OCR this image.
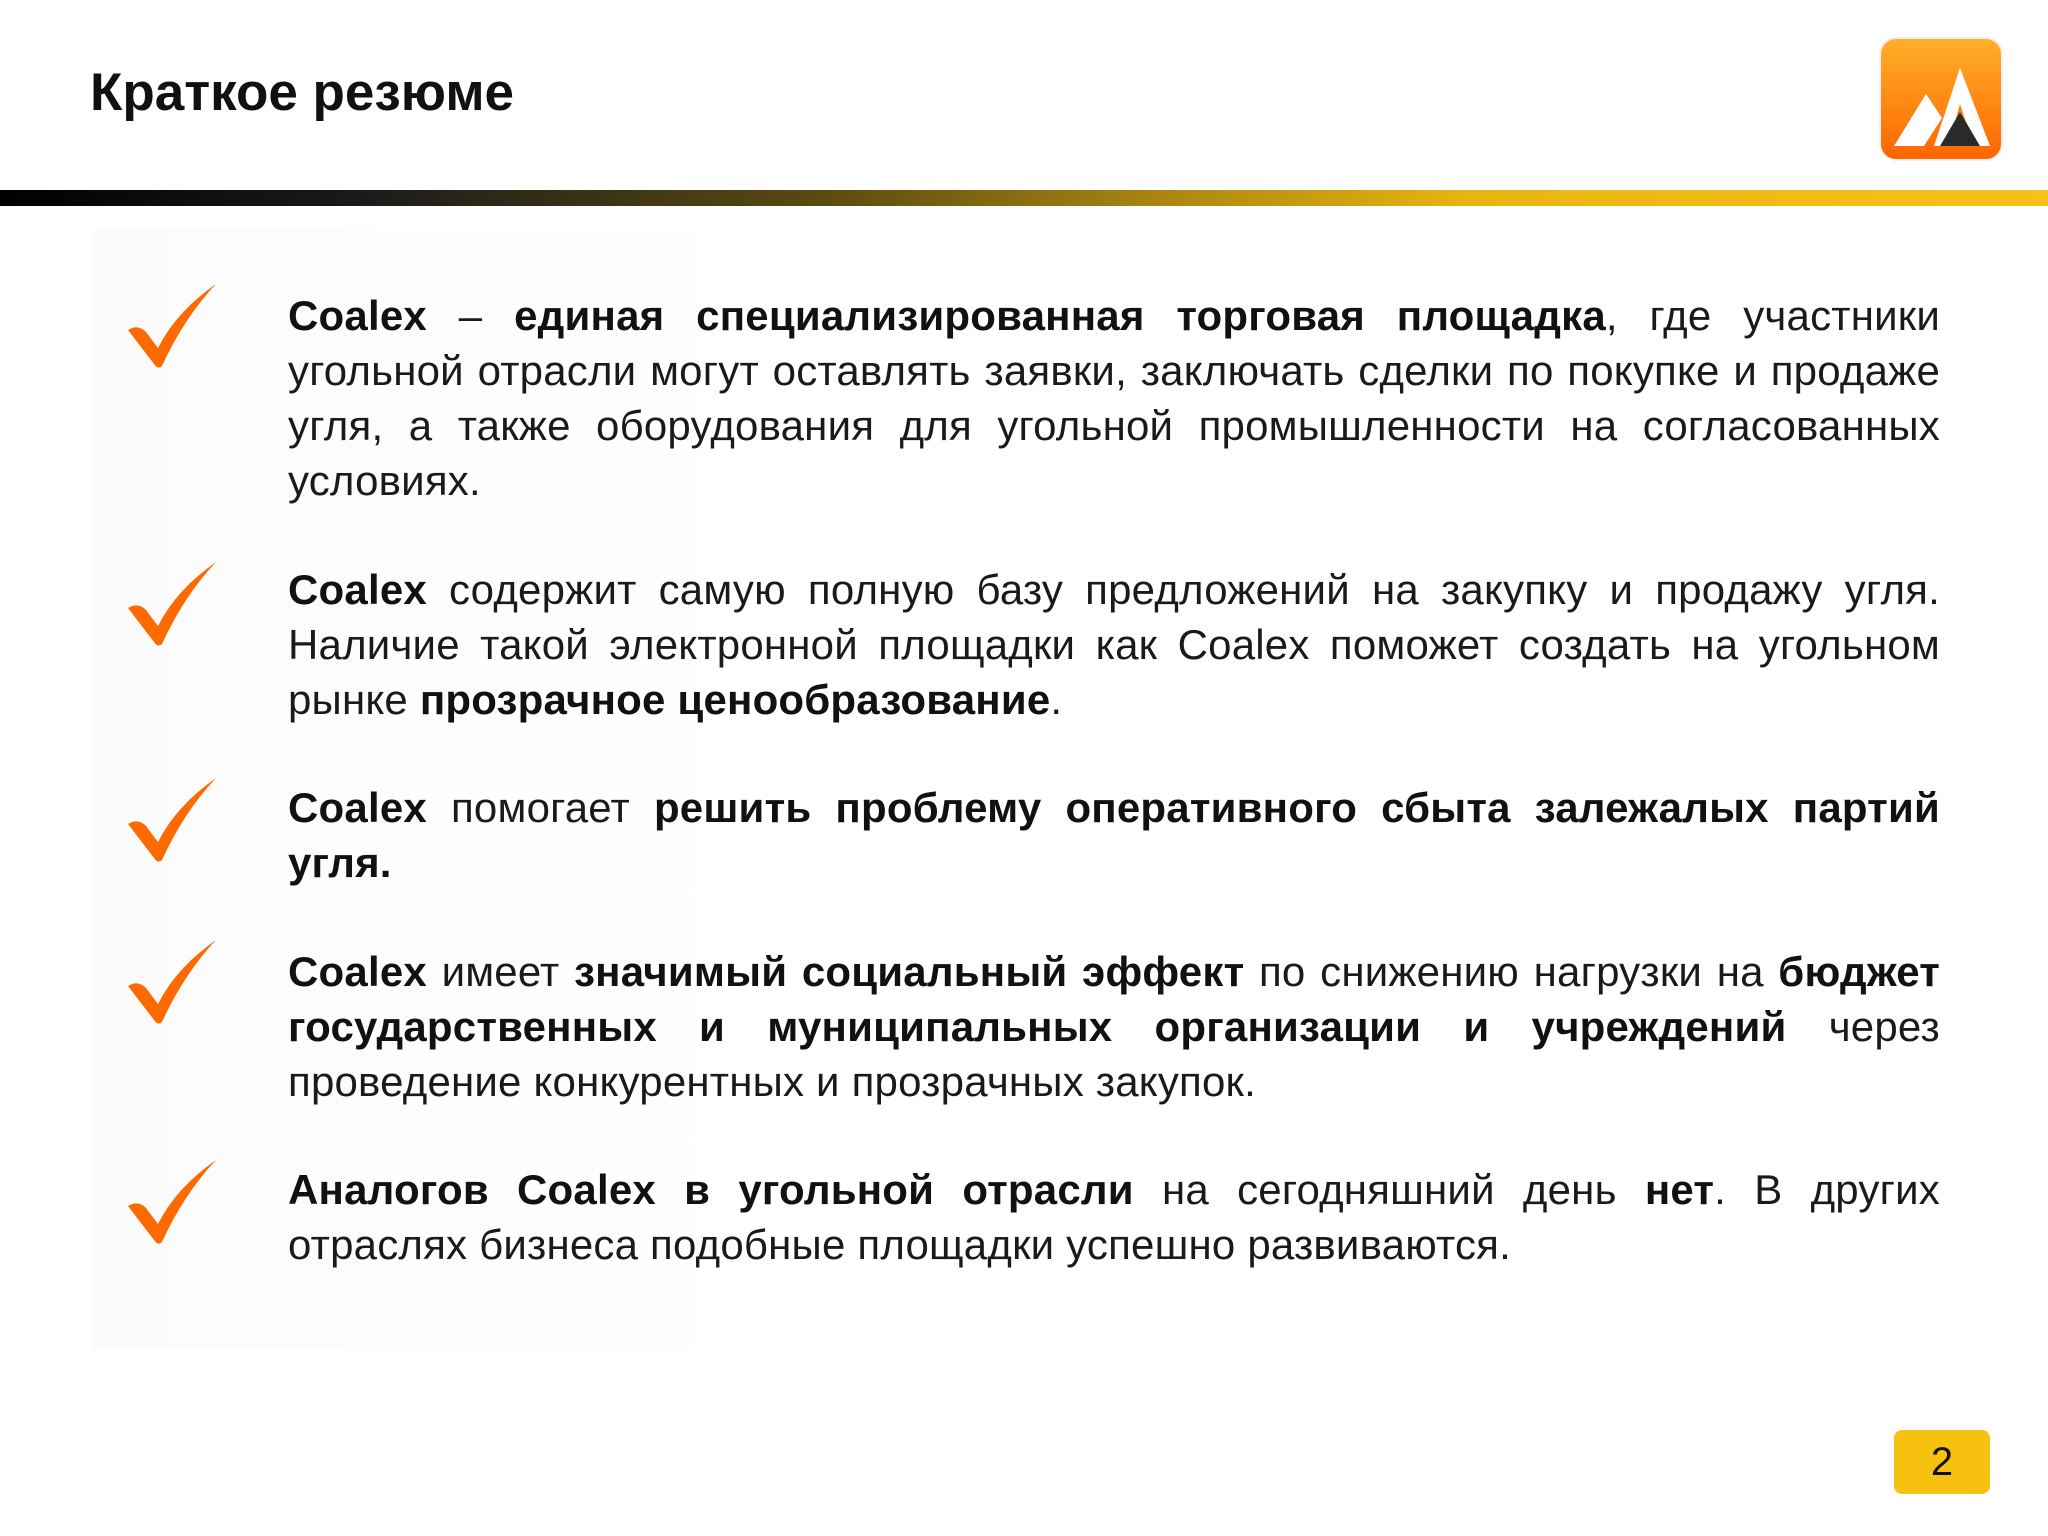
Краткое резюме

Coalex – единая специализированная торговая площадка, где участники угольной отрасли могут оставлять заявки, заключать сделки по покупке и продаже угля, а также оборудования для угольной промышленности на согласованных условиях.

Coalex содержит самую полную базу предложений на закупку и продажу угля. Наличие такой электронной площадки как Coalex поможет создать на угольном рынке прозрачное ценообразование.

Coalex помогает решить проблему оперативного сбыта залежалых партий угля.

Coalex имеет значимый социальный эффект по снижению нагрузки на бюджет государственных и муниципальных организации и учреждений через проведение конкурентных и прозрачных закупок.

Аналогов Coalex в угольной отрасли на сегодняшний день нет. В других отраслях бизнеса подобные площадки успешно развиваются.

2
